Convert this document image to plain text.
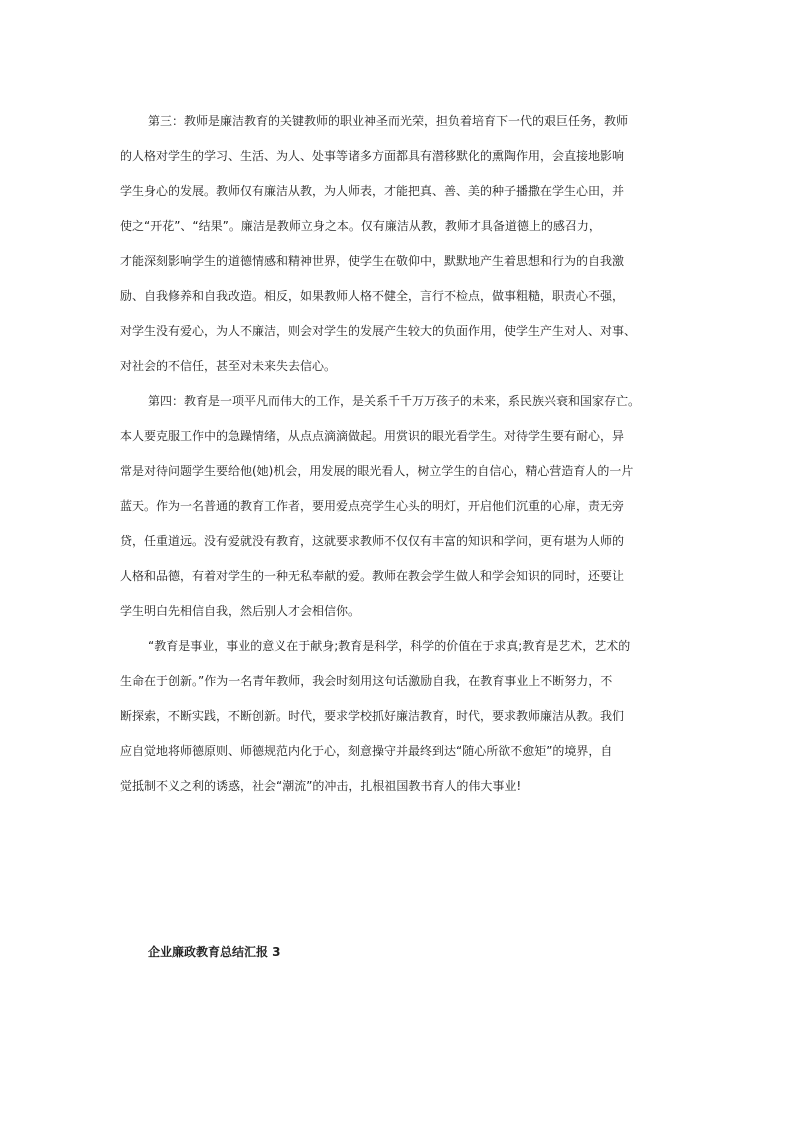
第三：教师是廉洁教育的关键教师的职业神圣而光荣，担负着培育下一代的艰巨任务，教师
的人格对学生的学习、生活、为人、处事等诸多方面都具有潜移默化的熏陶作用，会直接地影响
学生身心的发展。教师仅有廉洁从教，为人师表，才能把真、善、美的种子播撒在学生心田，并
使之“开花”、“结果”。廉洁是教师立身之本。仅有廉洁从教，教师才具备道德上的感召力，
才能深刻影响学生的道德情感和精神世界，使学生在敬仰中，默默地产生着思想和行为的自我激
励、自我修养和自我改造。相反，如果教师人格不健全，言行不检点，做事粗糙，职责心不强，
对学生没有爱心，为人不廉洁，则会对学生的发展产生较大的负面作用，使学生产生对人、对事、
对社会的不信任，甚至对未来失去信心。
第四：教育是一项平凡而伟大的工作，是关系千千万万孩子的未来，系民族兴衰和国家存亡。
本人要克服工作中的急躁情绪，从点点滴滴做起。用赏识的眼光看学生。对待学生要有耐心，异
常是对待问题学生要给他(她)机会，用发展的眼光看人，树立学生的自信心，精心营造育人的一片
蓝天。作为一名普通的教育工作者，要用爱点亮学生心头的明灯，开启他们沉重的心扉，责无旁
贷，任重道远。没有爱就没有教育，这就要求教师不仅仅有丰富的知识和学问，更有堪为人师的
人格和品德，有着对学生的一种无私奉献的爱。教师在教会学生做人和学会知识的同时，还要让
学生明白先相信自我，然后别人才会相信你。
“教育是事业，事业的意义在于献身;教育是科学，科学的价值在于求真;教育是艺术，艺术的
生命在于创新。”作为一名青年教师，我会时刻用这句话激励自我，在教育事业上不断努力，不
断探索，不断实践，不断创新。时代，要求学校抓好廉洁教育，时代，要求教师廉洁从教。我们
应自觉地将师德原则、师德规范内化于心，刻意操守并最终到达“随心所欲不愈矩”的境界，自
觉抵制不义之利的诱惑，社会“潮流”的冲击，扎根祖国教书育人的伟大事业!
企业廉政教育总结汇报 3
